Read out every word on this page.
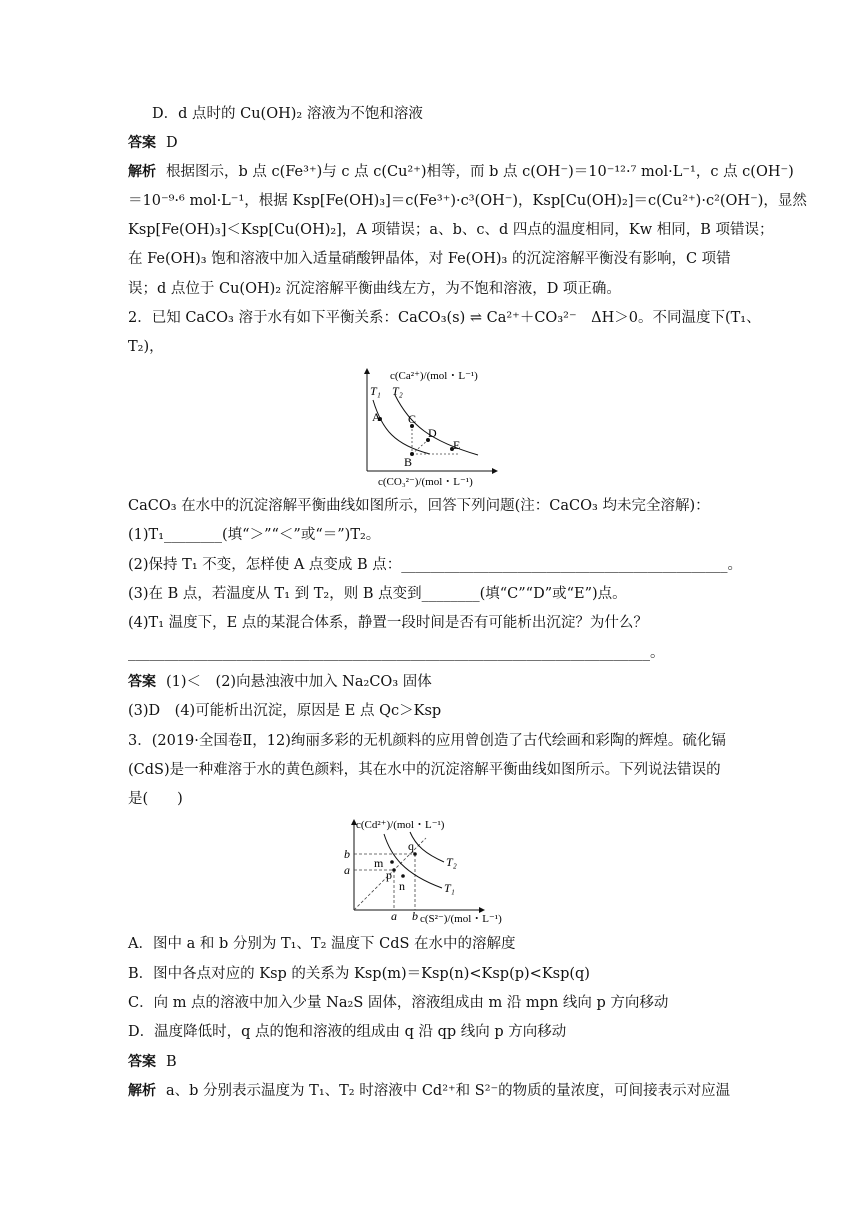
D．d 点时的 Cu(OH)₂ 溶液为不饱和溶液

答案 D

解析 根据图示，b 点 c(Fe³⁺)与 c 点 c(Cu²⁺)相等，而 b 点 c(OH⁻)＝10⁻¹²·⁷ mol·L⁻¹，c 点 c(OH⁻)

＝10⁻⁹·⁶ mol·L⁻¹，根据 Ksp[Fe(OH)₃]＝c(Fe³⁺)·c³(OH⁻)，Ksp[Cu(OH)₂]＝c(Cu²⁺)·c²(OH⁻)，显然

Ksp[Fe(OH)₃]＜Ksp[Cu(OH)₂]，A 项错误；a、b、c、d 四点的温度相同，Kw 相同，B 项错误；

在 Fe(OH)₃ 饱和溶液中加入适量硝酸钾晶体，对 Fe(OH)₃ 的沉淀溶解平衡没有影响，C 项错

误；d 点位于 Cu(OH)₂ 沉淀溶解平衡曲线左方，为不饱和溶液，D 项正确。

2．已知 CaCO₃ 溶于水有如下平衡关系：CaCO₃(s) ⇌ Ca²⁺＋CO₃²⁻　ΔH＞0。不同温度下(T₁、

T₂)，

c(Ca²⁺)/(mol・L⁻¹)
c(CO₃²⁻)/(mol・L⁻¹)
T₁ T₂
A
B
C
D
E

CaCO₃ 在水中的沉淀溶解平衡曲线如图所示，回答下列问题(注：CaCO₃ 均未完全溶解)：

(1)T₁________(填“＞”“＜”或“＝”)T₂。

(2)保持 T₁ 不变，怎样使 A 点变成 B 点：_____________________________________________。

(3)在 B 点，若温度从 T₁ 到 T₂，则 B 点变到________(填“C”“D”或“E”)点。

(4)T₁ 温度下，E 点的某混合体系，静置一段时间是否有可能析出沉淀？为什么？

________________________________________________________________________。

答案 (1)＜　(2)向悬浊液中加入 Na₂CO₃ 固体

(3)D　(4)可能析出沉淀，原因是 E 点 Qc＞Ksp

3．(2019·全国卷Ⅱ，12)绚丽多彩的无机颜料的应用曾创造了古代绘画和彩陶的辉煌。硫化镉

(CdS)是一种难溶于水的黄色颜料，其在水中的沉淀溶解平衡曲线如图所示。下列说法错误的

是(　　)

c(Cd²⁺)/(mol・L⁻¹)
c(S²⁻)/(mol・L⁻¹)
b
a
a b
m
n
p
q
T₂
T₁

A．图中 a 和 b 分别为 T₁、T₂ 温度下 CdS 在水中的溶解度

B．图中各点对应的 Ksp 的关系为 Ksp(m)＝Ksp(n)<Ksp(p)<Ksp(q)

C．向 m 点的溶液中加入少量 Na₂S 固体，溶液组成由 m 沿 mpn 线向 p 方向移动

D．温度降低时，q 点的饱和溶液的组成由 q 沿 qp 线向 p 方向移动

答案 B

解析 a、b 分别表示温度为 T₁、T₂ 时溶液中 Cd²⁺和 S²⁻的物质的量浓度，可间接表示对应温
